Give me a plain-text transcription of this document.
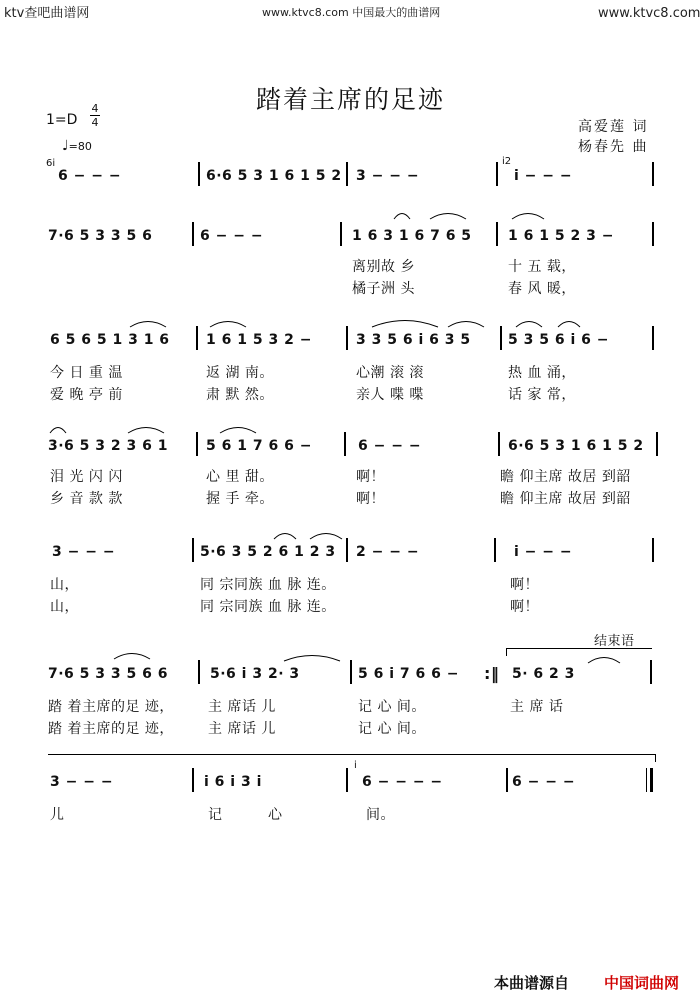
ktv查吧曲谱网	www.ktvc8.com 中国最大的曲谱网	www.ktvc8.com
踏着主席的足迹
1=D
4
4
♩=80
高爱莲 词
杨春先 曲
6i
6 − − −	6·6 5 3 1 6 1 5 2 3 − − −
i2
i − − −
7·6 5 3 3 5 6	6 − − −	1 6 3 1 6 7 6 5	1 6 1 5 2 3 −
离别故 乡	十 五 载，
橘子洲 头	春 风 暖，
6 5 6 5 1 3 1 6	1 6 1 5 3 2 −	3 3 5 6 i 6 3 5	5 3 5 6 i 6 −
今 日 重 温	返 湖 南。	心潮 滚 滚	热 血 涌，
爱 晚 亭 前	肃 默 然。	亲人 喋 喋	话 家 常，
3·6 5 3 2 3 6 1	5 6 1 7 6 6 −	6 − − −	6·6 5 3 1 6 1 5 2
泪 光 闪 闪	心 里 甜。	啊！	瞻 仰主席 故居 到韶
乡 音 款 款	握 手 牵。	啊！	瞻 仰主席 故居 到韶
3 − − −	5·6 3 5 2 6 1 2 3 2 − − −	i − − −
山，	同 宗同族 血 脉 连。	啊！
山，	同 宗同族 血 脉 连。	啊！
结束语
7·6 5 3 3 5 6 6	5·6 i 3 2· 3	5 6 i 7 6 6 − :‖ 5· 6 2 3
踏 着主席的足 迹， 主 席话 儿	记 心 间。	主 席 话
踏 着主席的足 迹， 主 席话 儿	记 心 间。
3 − − −	i 6 i 3 i
i
6 − − − −	6 − − −
儿	记	心	间。
本曲谱源自 中国词曲网
